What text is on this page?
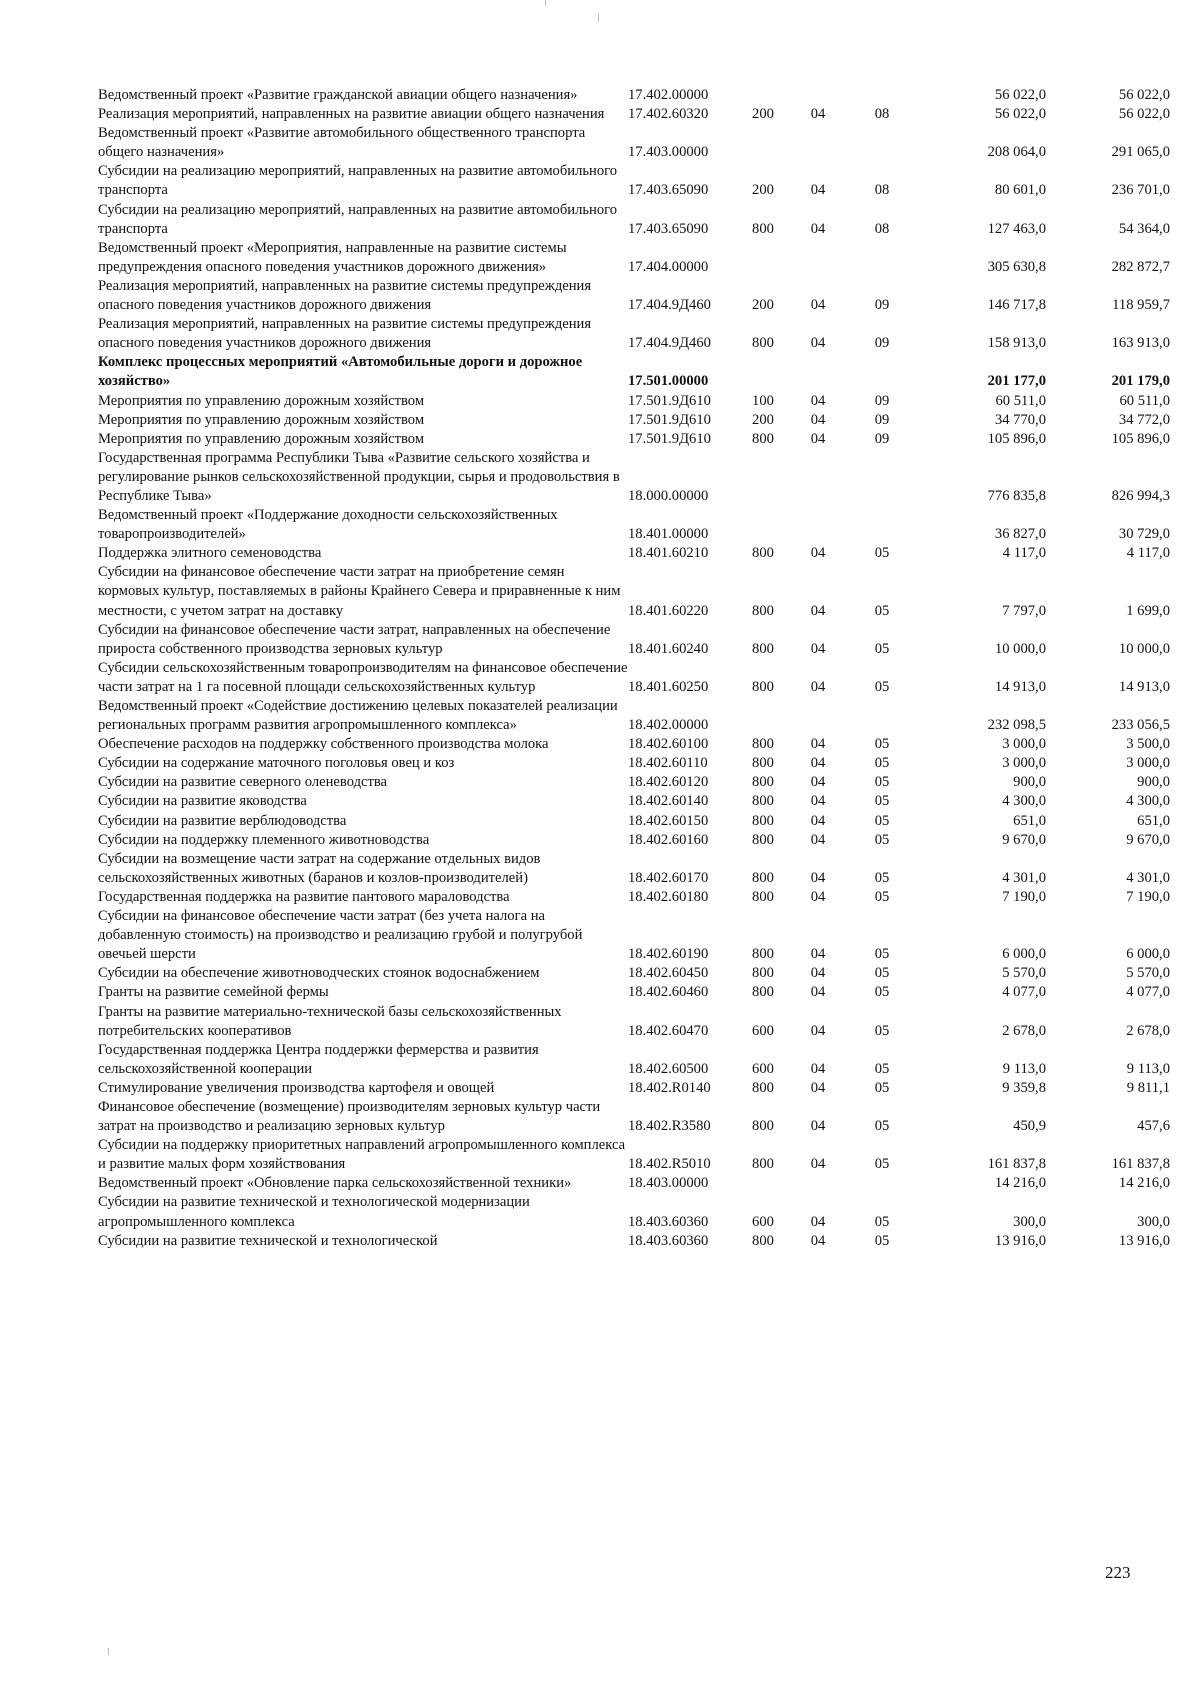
Ведомственный проект «Развитие гражданской авиации общего назначения»	17.402.00000				56 022,0	56 022,0
Реализация мероприятий, направленных на развитие авиации общего назначения	17.402.60320	200	04	08	56 022,0	56 022,0
Ведомственный проект «Развитие автомобильного общественного транспорта общего назначения»	17.403.00000				208 064,0	291 065,0
Субсидии на реализацию мероприятий, направленных на развитие автомобильного транспорта	17.403.65090	200	04	08	80 601,0	236 701,0
Субсидии на реализацию мероприятий, направленных на развитие автомобильного транспорта	17.403.65090	800	04	08	127 463,0	54 364,0
Ведомственный проект «Мероприятия, направленные на развитие системы предупреждения опасного поведения участников дорожного движения»	17.404.00000				305 630,8	282 872,7
Реализация мероприятий, направленных на развитие системы предупреждения опасного поведения участников дорожного движения	17.404.9Д460	200	04	09	146 717,8	118 959,7
Реализация мероприятий, направленных на развитие системы предупреждения опасного поведения участников дорожного движения	17.404.9Д460	800	04	09	158 913,0	163 913,0
Комплекс процессных мероприятий «Автомобильные дороги и дорожное хозяйство»	17.501.00000				201 177,0	201 179,0
Мероприятия по управлению дорожным хозяйством	17.501.9Д610	100	04	09	60 511,0	60 511,0
Мероприятия по управлению дорожным хозяйством	17.501.9Д610	200	04	09	34 770,0	34 772,0
Мероприятия по управлению дорожным хозяйством	17.501.9Д610	800	04	09	105 896,0	105 896,0
Государственная программа Республики Тыва «Развитие сельского хозяйства и регулирование рынков сельскохозяйственной продукции, сырья и продовольствия в Республике Тыва»	18.000.00000				776 835,8	826 994,3
Ведомственный проект «Поддержание доходности сельскохозяйственных товаропроизводителей»	18.401.00000				36 827,0	30 729,0
Поддержка элитного семеноводства	18.401.60210	800	04	05	4 117,0	4 117,0
Субсидии на финансовое обеспечение части затрат на приобретение семян кормовых культур, поставляемых в районы Крайнего Севера и приравненные к ним местности, с учетом затрат на доставку	18.401.60220	800	04	05	7 797,0	1 699,0
Субсидии на финансовое обеспечение части затрат, направленных на обеспечение прироста собственного производства зерновых культур	18.401.60240	800	04	05	10 000,0	10 000,0
Субсидии сельскохозяйственным товаропроизводителям на финансовое обеспечение части затрат на 1 га посевной площади сельскохозяйственных культур	18.401.60250	800	04	05	14 913,0	14 913,0
Ведомственный проект «Содействие достижению целевых показателей реализации региональных программ развития агропромышленного комплекса»	18.402.00000				232 098,5	233 056,5
Обеспечение расходов на поддержку собственного производства молока	18.402.60100	800	04	05	3 000,0	3 500,0
Субсидии на содержание маточного поголовья овец и коз	18.402.60110	800	04	05	3 000,0	3 000,0
Субсидии на развитие северного оленеводства	18.402.60120	800	04	05	900,0	900,0
Субсидии на развитие яководства	18.402.60140	800	04	05	4 300,0	4 300,0
Субсидии на развитие верблюдоводства	18.402.60150	800	04	05	651,0	651,0
Субсидии на поддержку племенного животноводства	18.402.60160	800	04	05	9 670,0	9 670,0
Субсидии на возмещение части затрат на содержание отдельных видов сельскохозяйственных животных (баранов и козлов-производителей)	18.402.60170	800	04	05	4 301,0	4 301,0
Государственная поддержка на развитие пантового мараловодства	18.402.60180	800	04	05	7 190,0	7 190,0
Субсидии на финансовое обеспечение части затрат (без учета налога на добавленную стоимость) на производство и реализацию грубой и полугрубой овечьей шерсти	18.402.60190	800	04	05	6 000,0	6 000,0
Субсидии на обеспечение животноводческих стоянок водоснабжением	18.402.60450	800	04	05	5 570,0	5 570,0
Гранты на развитие семейной фермы	18.402.60460	800	04	05	4 077,0	4 077,0
Гранты на развитие материально-технической базы сельскохозяйственных потребительских кооперативов	18.402.60470	600	04	05	2 678,0	2 678,0
Государственная поддержка Центра поддержки фермерства и развития сельскохозяйственной кооперации	18.402.60500	600	04	05	9 113,0	9 113,0
Стимулирование увеличения производства картофеля и овощей	18.402.R0140	800	04	05	9 359,8	9 811,1
Финансовое обеспечение (возмещение) производителям зерновых культур части затрат на производство и реализацию зерновых культур	18.402.R3580	800	04	05	450,9	457,6
Субсидии на поддержку приоритетных направлений агропромышленного комплекса и развитие малых форм хозяйствования	18.402.R5010	800	04	05	161 837,8	161 837,8
Ведомственный проект «Обновление парка сельскохозяйственной техники»	18.403.00000				14 216,0	14 216,0
Субсидии на развитие технической и технологической модернизации агропромышленного комплекса	18.403.60360	600	04	05	300,0	300,0
Субсидии на развитие технической и технологической	18.403.60360	800	04	05	13 916,0	13 916,0
223
